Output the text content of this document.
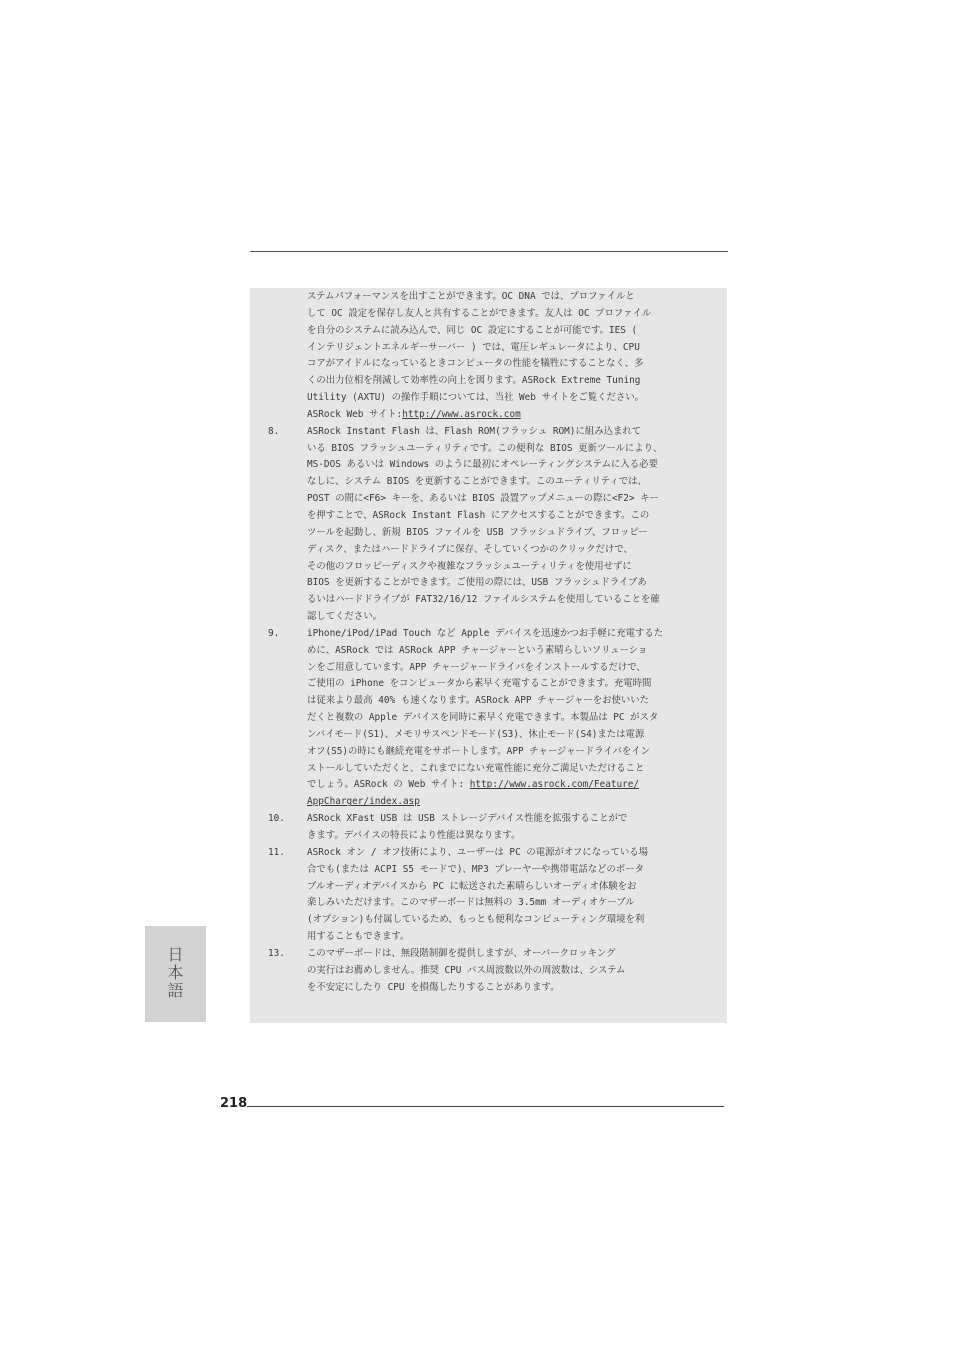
ステムパフォーマンスを出すことができます。OC DNA では、プロファイルと
して OC 設定を保存し友人と共有することができます。友人は OC プロファイル
を自分のシステムに読み込んで、同じ OC 設定にすることが可能です。IES (
インテリジェントエネルギーサーバー ) では、電圧レギュレータにより、CPU
コアがアイドルになっているときコンピュータの性能を犠牲にすることなく、多
くの出力位相を削減して効率性の向上を図ります。ASRock Extreme Tuning
Utility (AXTU) の操作手順については、当社 Web サイトをご覧ください。
ASRock Web サイト:http://www.asrock.com
8.	ASRock Instant Flash は、Flash ROM(フラッシュ ROM)に組み込まれて
いる BIOS フラッシュユーティリティです。この便利な BIOS 更新ツールにより、
MS-DOS あるいは Windows のように最初にオペレーティングシステムに入る必要
なしに、システム BIOS を更新することができます。このユーティリティでは、
POST の間に<F6> キーを、あるいは BIOS 設置アップメニューの際に<F2> キー
を押すことで、ASRock Instant Flash にアクセスすることができます。この
ツールを起動し、新規 BIOS ファイルを USB フラッシュドライブ、フロッピー
ディスク、またはハードドライブに保存、そしていくつかのクリックだけで、
その他のフロッピーディスクや複雑なフラッシュユーティリティを使用せずに
BIOS を更新することができます。ご使用の際には、USB フラッシュドライブあ
るいはハードドライブが FAT32/16/12 ファイルシステムを使用していることを確
認してください。
9.	iPhone/iPod/iPad Touch など Apple デバイスを迅速かつお手軽に充電するた
めに、ASRock では ASRock APP チャージャーという素晴らしいソリューショ
ンをご用意しています。APP チャージャードライバをインストールするだけで、
ご使用の iPhone をコンピュータから素早く充電することができます。充電時間
は従来より最高 40% も速くなります。ASRock APP チャージャーをお使いいた
だくと複数の Apple デバイスを同時に素早く充電できます。本製品は PC がスタ
ンバイモード(S1)、メモリサスペンドモード(S3)、休止モード(S4)または電源
オフ(S5)の時にも継続充電をサポートします。APP チャージャードライバをイン
ストールしていただくと、これまでにない充電性能に充分ご満足いただけること
でしょう。ASRock の Web サイト: http://www.asrock.com/Feature/
AppCharger/index.asp
10.	ASRock XFast USB は USB ストレージデバイス性能を拡張することがで
きます。デバイスの特長により性能は異なります。
11.	ASRock オン / オフ技術により、ユーザーは PC の電源がオフになっている場
合でも(または ACPI S5 モードで)、MP3 プレーヤーや携帯電話などのポータ
ブルオーディオデバイスから PC に転送された素晴らしいオーディオ体験をお
楽しみいただけます。このマザーボードは無料の 3.5mm オーディオケーブル
(オプション)も付属しているため、もっとも便利なコンピューティング環境を利
用することもできます。
13.	このマザーボードは、無段階制御を提供しますが、オーバークロッキング
の実行はお薦めしません。推奨 CPU バス周波数以外の周波数は、システム
を不安定にしたり CPU を損傷したりすることがあります。
日本語
218
